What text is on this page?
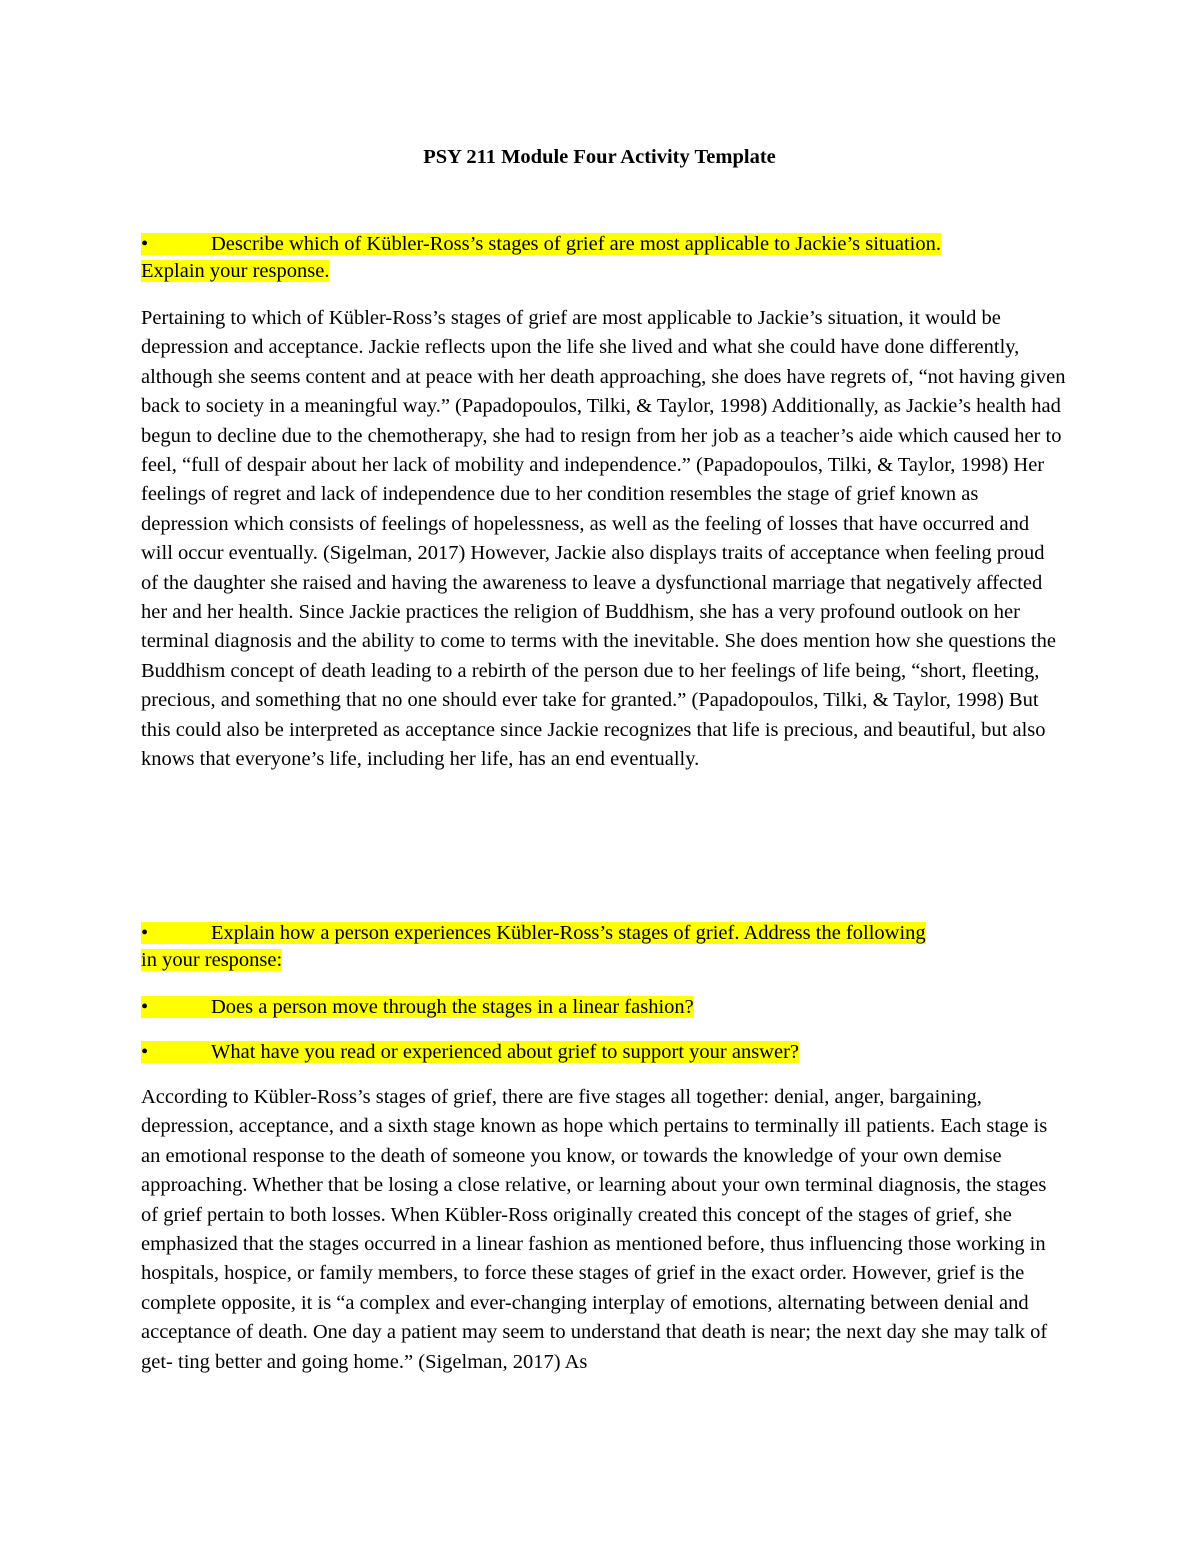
PSY 211 Module Four Activity Template

•	Describe which of Kübler-Ross’s stages of grief are most applicable to Jackie’s situation.
Explain your response.

Pertaining to which of Kübler-Ross’s stages of grief are most applicable to Jackie’s situation, it would be depression and acceptance. Jackie reflects upon the life she lived and what she could have done differently, although she seems content and at peace with her death approaching, she does have regrets of, “not having given back to society in a meaningful way.” (Papadopoulos, Tilki, & Taylor, 1998) Additionally, as Jackie’s health had begun to decline due to the chemotherapy, she had to resign from her job as a teacher’s aide which caused her to feel, “full of despair about her lack of mobility and independence.” (Papadopoulos, Tilki, & Taylor, 1998) Her feelings of regret and lack of independence due to her condition resembles the stage of grief known as depression which consists of feelings of hopelessness, as well as the feeling of losses that have occurred and will occur eventually. (Sigelman, 2017) However, Jackie also displays traits of acceptance when feeling proud of the daughter she raised and having the awareness to leave a dysfunctional marriage that negatively affected her and her health. Since Jackie practices the religion of Buddhism, she has a very profound outlook on her terminal diagnosis and the ability to come to terms with the inevitable. She does mention how she questions the Buddhism concept of death leading to a rebirth of the person due to her feelings of life being, “short, fleeting, precious, and something that no one should ever take for granted.” (Papadopoulos, Tilki, & Taylor, 1998) But this could also be interpreted as acceptance since Jackie recognizes that life is precious, and beautiful, but also knows that everyone’s life, including her life, has an end eventually.

•	Explain how a person experiences Kübler-Ross’s stages of grief. Address the following
in your response:

•	Does a person move through the stages in a linear fashion?

•	What have you read or experienced about grief to support your answer?

According to Kübler-Ross’s stages of grief, there are five stages all together: denial, anger, bargaining, depression, acceptance, and a sixth stage known as hope which pertains to terminally ill patients. Each stage is an emotional response to the death of someone you know, or towards the knowledge of your own demise approaching. Whether that be losing a close relative, or learning about your own terminal diagnosis, the stages of grief pertain to both losses. When Kübler-Ross originally created this concept of the stages of grief, she emphasized that the stages occurred in a linear fashion as mentioned before, thus influencing those working in hospitals, hospice, or family members, to force these stages of grief in the exact order. However, grief is the complete opposite, it is “a complex and ever-changing interplay of emotions, alternating between denial and acceptance of death. One day a patient may seem to understand that death is near; the next day she may talk of get- ting better and going home.” (Sigelman, 2017) As
